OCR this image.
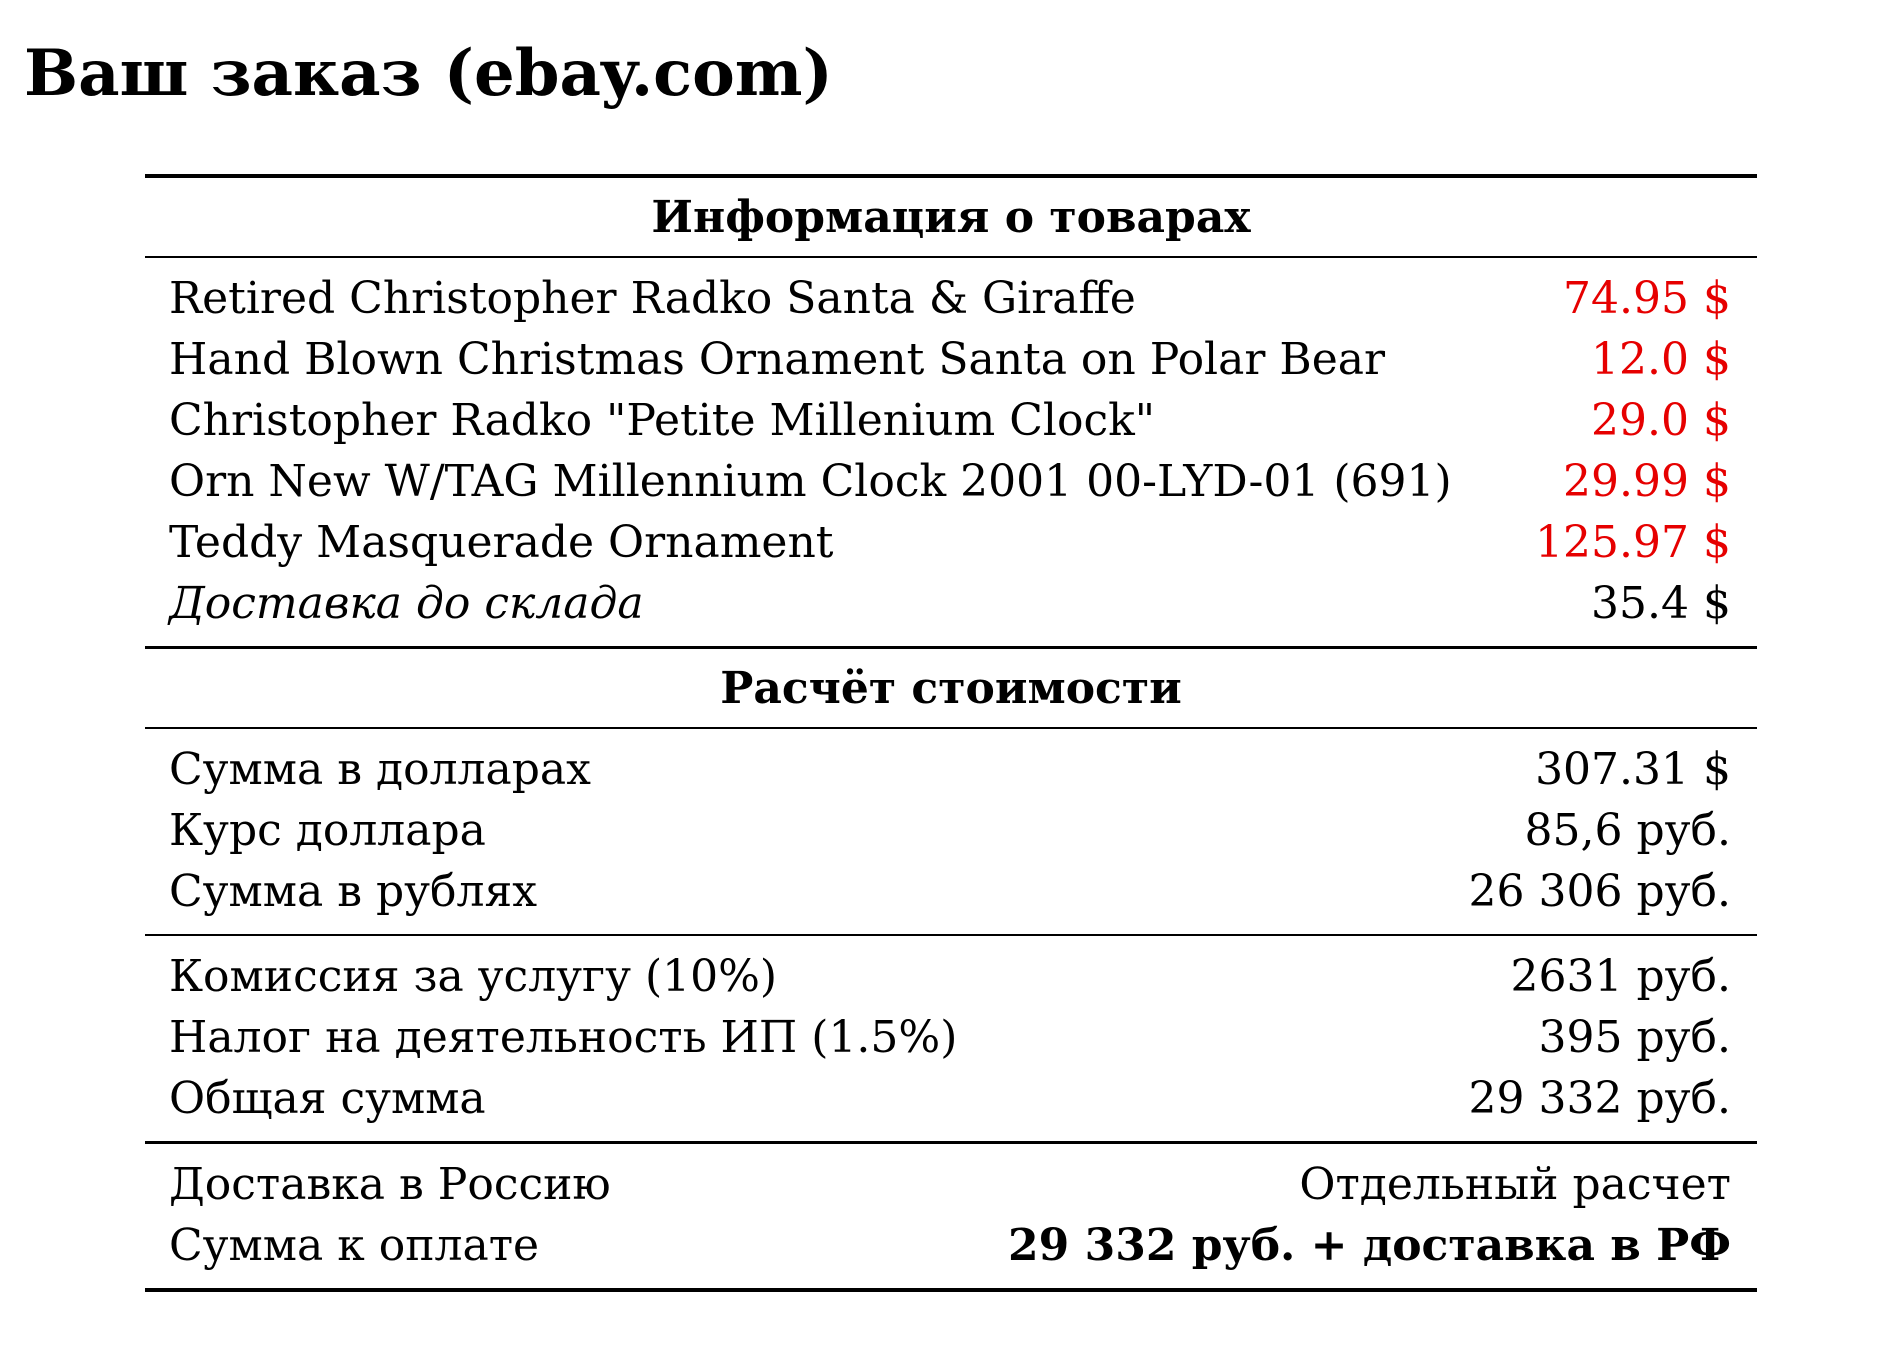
Ваш заказ (ebay.com)
Информация о товарах
Retired Christopher Radko Santa & Giraffe	74.95 $
Hand Blown Christmas Ornament Santa on Polar Bear	12.0 $
Christopher Radko "Petite Millenium Clock"	29.0 $
Orn New W/TAG Millennium Clock 2001 00-LYD-01 (691)	29.99 $
Teddy Masquerade Ornament	125.97 $
Доставка до склада	35.4 $
Расчёт стоимости
Сумма в долларах	307.31 $
Курс доллара	85,6 руб.
Сумма в рублях	26 306 руб.
Комиссия за услугу (10%)	2631 руб.
Налог на деятельность ИП (1.5%)	395 руб.
Общая сумма	29 332 руб.
Доставка в Россию	Отдельный расчет
Сумма к оплате	29 332 руб. + доставка в РФ
